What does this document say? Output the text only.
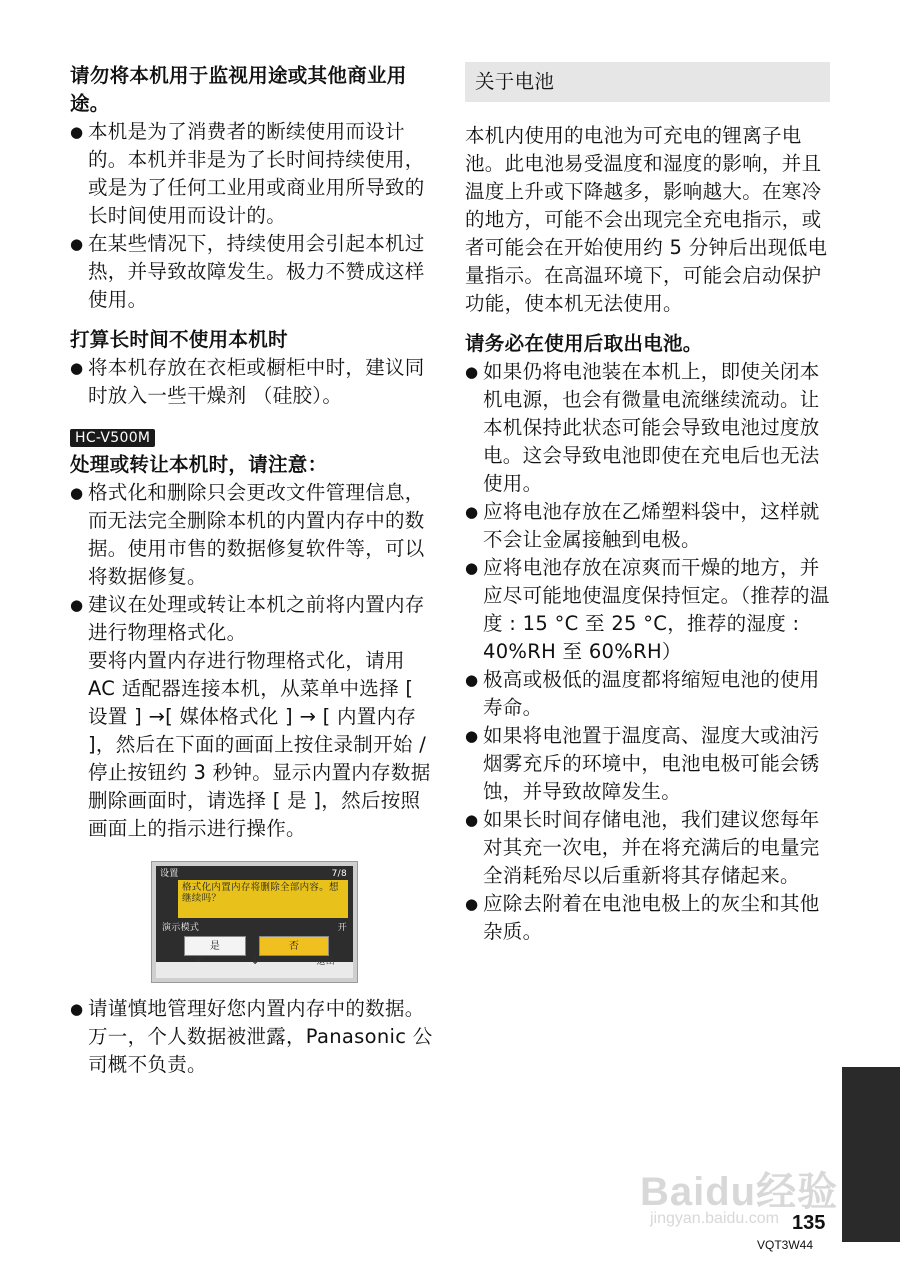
请勿将本机用于监视用途或其他商业用途。

● 本机是为了消费者的断续使用而设计的。本机并非是为了长时间持续使用，或是为了任何工业用或商业用所导致的长时间使用而设计的。
● 在某些情况下，持续使用会引起本机过热，并导致故障发生。极力不赞成这样使用。

打算长时间不使用本机时

● 将本机存放在衣柜或橱柜中时，建议同时放入一些干燥剂 （硅胶）。
HC-V500M

处理或转让本机时，请注意：

● 格式化和删除只会更改文件管理信息，而无法完全删除本机的内置内存中的数据。使用市售的数据修复软件等，可以将数据修复。
● 建议在处理或转让本机之前将内置内存进行物理格式化。
要将内置内存进行物理格式化，请用 AC 适配器连接本机，从菜单中选择 [ 设置 ] →[ 媒体格式化 ] → [ 内置内存 ]，然后在下面的画面上按住录制开始 / 停止按钮约 3 秒钟。显示内置内存数据删除画面时，请选择 [ 是 ]，然后按照画面上的指示进行操作。
设置	7/8
格式化内置内存将删除全部内容。想继续吗？
演示模式	开
是	否
↶	↓	退出
● 请谨慎地管理好您内置内存中的数据。万一，个人数据被泄露，Panasonic 公司概不负责。
关于电池
本机内使用的电池为可充电的锂离子电池。此电池易受温度和湿度的影响，并且温度上升或下降越多，影响越大。在寒冷的地方，可能不会出现完全充电指示，或者可能会在开始使用约 5 分钟后出现低电量指示。在高温环境下，可能会启动保护功能，使本机无法使用。

请务必在使用后取出电池。

● 如果仍将电池装在本机上，即使关闭本机电源，也会有微量电流继续流动。让本机保持此状态可能会导致电池过度放电。这会导致电池即使在充电后也无法使用。
● 应将电池存放在乙烯塑料袋中，这样就不会让金属接触到电极。
● 应将电池存放在凉爽而干燥的地方，并应尽可能地使温度保持恒定。（推荐的温度 : 15 °C 至 25 °C，推荐的湿度 : 40%RH 至 60%RH）
● 极高或极低的温度都将缩短电池的使用寿命。
● 如果将电池置于温度高、湿度大或油污烟雾充斥的环境中，电池电极可能会锈蚀，并导致故障发生。
● 如果长时间存储电池，我们建议您每年对其充一次电，并在将充满后的电量完全消耗殆尽以后重新将其存储起来。
● 应除去附着在电池电极上的灰尘和其他杂质。
Baidu经验
jingyan.baidu.com 135
VQT3W44
